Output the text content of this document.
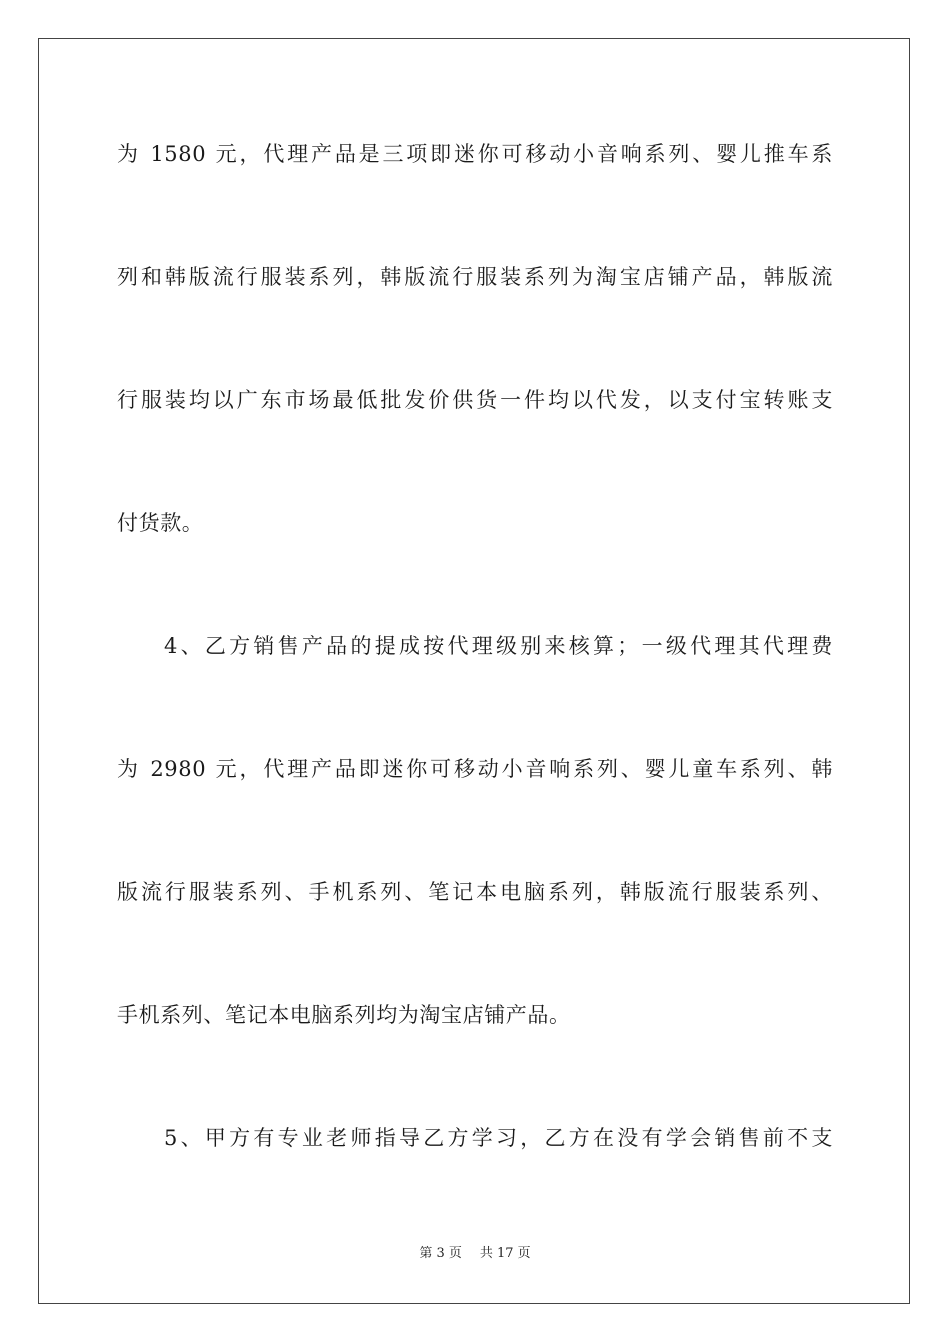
为 1580 元，代理产品是三项即迷你可移动小音响系列、婴儿推车系
列和韩版流行服装系列，韩版流行服装系列为淘宝店铺产品，韩版流
行服装均以广东市场最低批发价供货一件均以代发，以支付宝转账支
付货款。
4、乙方销售产品的提成按代理级别来核算；一级代理其代理费
为 2980 元，代理产品即迷你可移动小音响系列、婴儿童车系列、韩
版流行服装系列、手机系列、笔记本电脑系列，韩版流行服装系列、
手机系列、笔记本电脑系列均为淘宝店铺产品。
5、甲方有专业老师指导乙方学习，乙方在没有学会销售前不支
第 3 页 共 17 页
